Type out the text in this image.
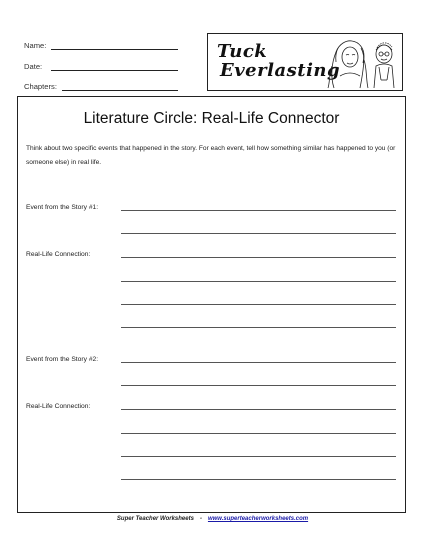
Name:
Date:
Chapters:
Tuck
Everlasting
Literature Circle: Real-Life Connector
Think about two specific events that happened in the story. For each event, tell how something similar has happened to you (or someone else) in real life.
Event from the Story #1:
Real-Life Connection:
Event from the Story #2:
Real-Life Connection:
Super Teacher Worksheets - www.superteacherworksheets.com
